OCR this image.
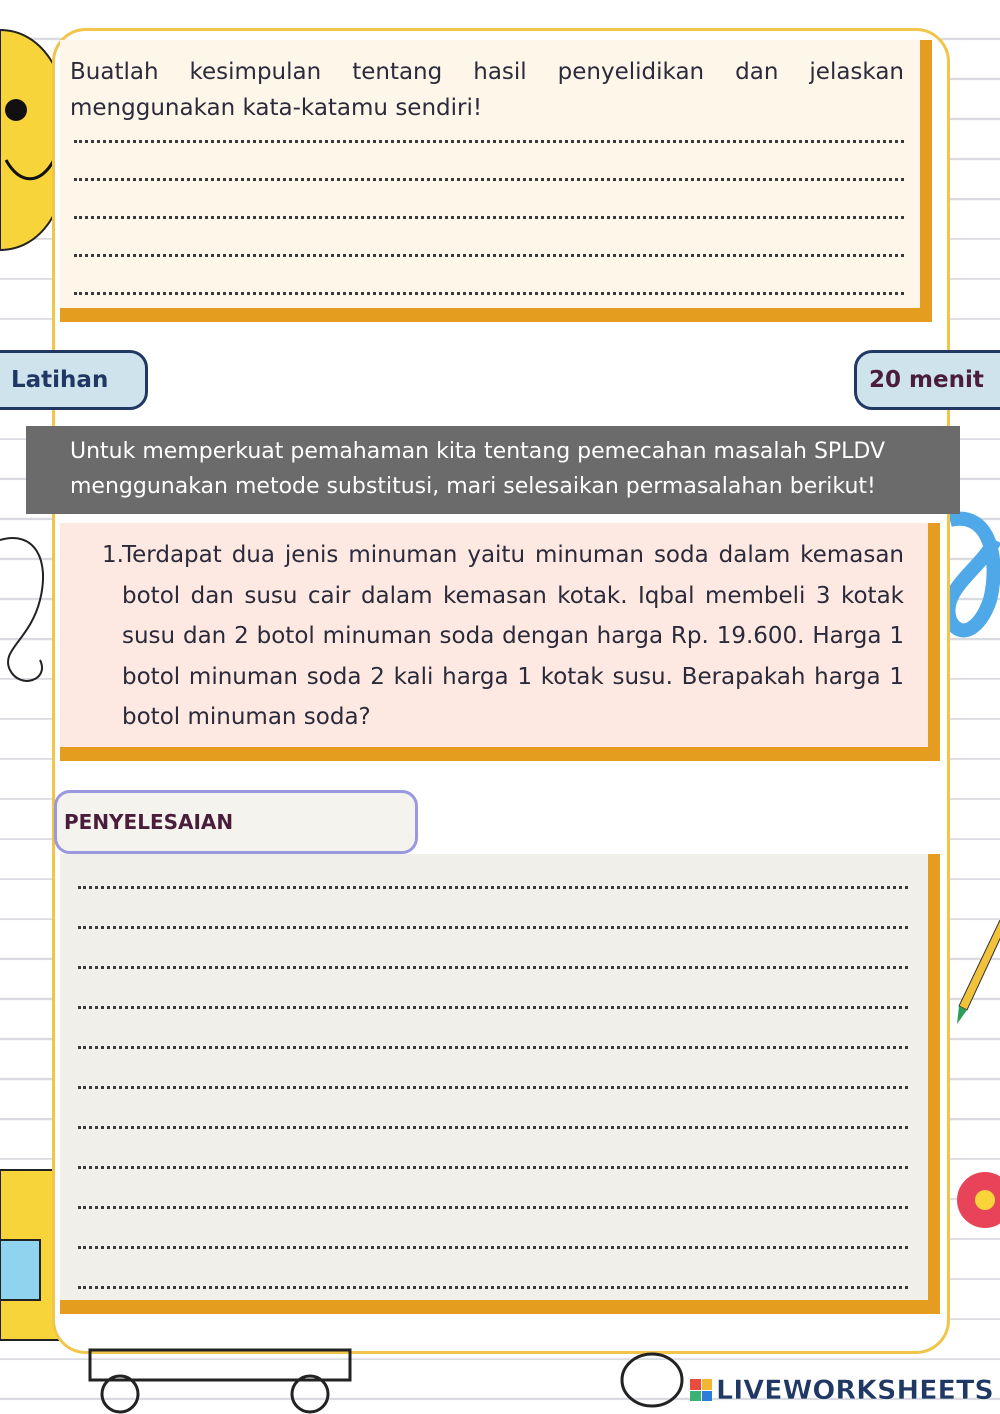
Buatlah kesimpulan tentang hasil penyelidikan dan jelaskan menggunakan kata-katamu sendiri!
Latihan	20 menit
Untuk memperkuat pemahaman kita tentang pemecahan masalah SPLDV menggunakan metode substitusi, mari selesaikan permasalahan berikut!
1.
Terdapat dua jenis minuman yaitu minuman soda dalam kemasan botol dan susu cair dalam kemasan kotak. Iqbal membeli 3 kotak susu dan 2 botol minuman soda dengan harga Rp. 19.600. Harga 1 botol minuman soda 2 kali harga 1 kotak susu. Berapakah harga 1 botol minuman soda?
PENYELESAIAN
LIVEWORKSHEETS
